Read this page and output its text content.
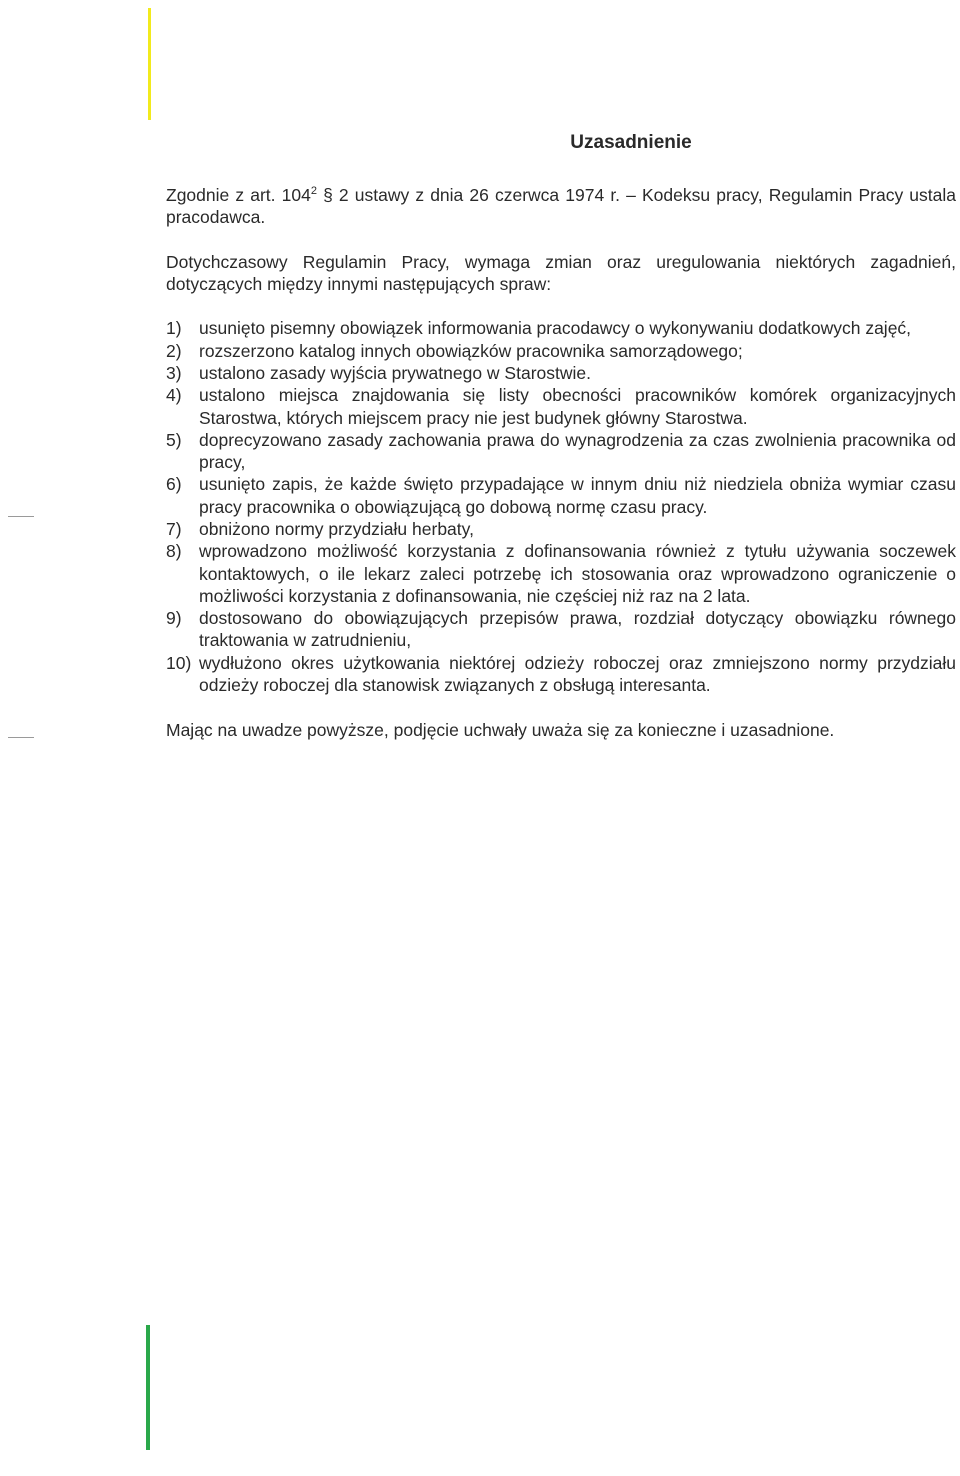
Uzasadnienie

Zgodnie z art. $104^2$ § 2 ustawy z dnia 26 czerwca 1974 r. – Kodeksu pracy, Regulamin Pracy ustala pracodawca.

Dotychczasowy Regulamin Pracy, wymaga zmian oraz uregulowania niektórych zagadnień, dotyczących między innymi następujących spraw:

1) usunięto pisemny obowiązek informowania pracodawcy o wykonywaniu dodatkowych zajęć,
2) rozszerzono katalog innych obowiązków pracownika samorządowego;
3) ustalono zasady wyjścia prywatnego w Starostwie.
4) ustalono miejsca znajdowania się listy obecności pracowników komórek organizacyjnych Starostwa, których miejscem pracy nie jest budynek główny Starostwa.
5) doprecyzowano zasady zachowania prawa do wynagrodzenia za czas zwolnienia pracownika od pracy,
6) usunięto zapis, że każde święto przypadające w innym dniu niż niedziela obniża wymiar czasu pracy pracownika o obowiązującą go dobową normę czasu pracy.
7) obniżono normy przydziału herbaty,
8) wprowadzono możliwość korzystania z dofinansowania również z tytułu używania soczewek kontaktowych, o ile lekarz zaleci potrzebę ich stosowania oraz wprowadzono ograniczenie o możliwości korzystania z dofinansowania, nie częściej niż raz na 2 lata.
9) dostosowano do obowiązujących przepisów prawa, rozdział dotyczący obowiązku równego traktowania w zatrudnieniu,
10) wydłużono okres użytkowania niektórej odzieży roboczej oraz zmniejszono normy przydziału odzieży roboczej dla stanowisk związanych z obsługą interesanta.

Mając na uwadze powyższe, podjęcie uchwały uważa się za konieczne i uzasadnione.
